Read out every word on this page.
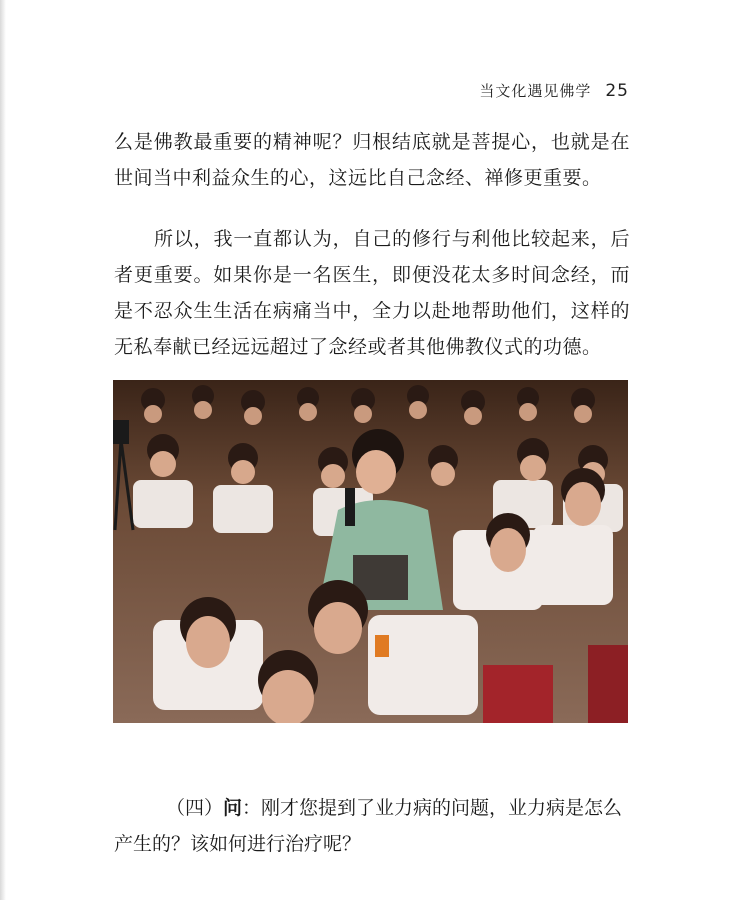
当文化遇见佛学 25

么是佛教最重要的精神呢？归根结底就是菩提心，也就是在世间当中利益众生的心，这远比自己念经、禅修更重要。

所以，我一直都认为，自己的修行与利他比较起来，后者更重要。如果你是一名医生，即便没花太多时间念经，而是不忍众生生活在病痛当中，全力以赴地帮助他们，这样的无私奉献已经远远超过了念经或者其他佛教仪式的功德。

（四）问：刚才您提到了业力病的问题，业力病是怎么
产生的？该如何进行治疗呢？
